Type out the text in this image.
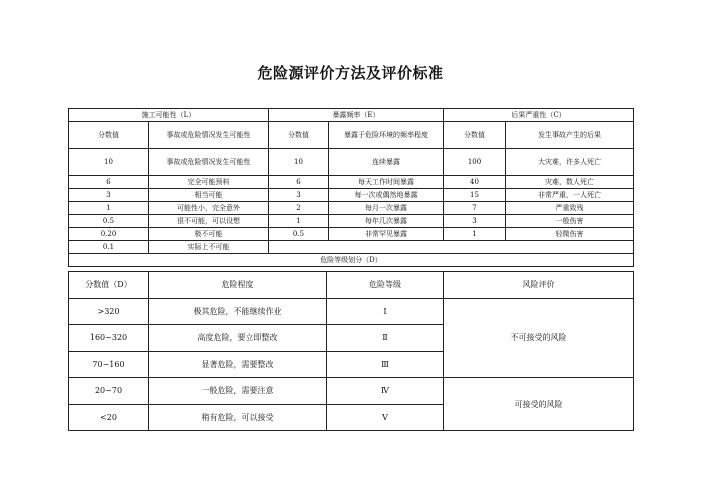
危险源评价方法及评价标准
施工可能性（L）		暴露频率（E）		后果严重性（C）	
分数值	事故或危险情况发生可能性	分数值	暴露于危险环境的频率程度	分数值	发生事故产生的后果
10	事故或危险情况发生可能性	10	连续暴露	100	大灾难，许多人死亡
6	完全可能预料	6	每天工作时间暴露	40	灾难，数人死亡
3	相当可能	3	每一次或偶然地暴露	15	非常严重，一人死亡
1	可能性小，完全意外	2	每月一次暴露	7	严重致残
0.5	很不可能，可以设想	1	每年几次暴露	3	一般伤害
0.20	极不可能	0.5	非常罕见暴露	1	轻微伤害
0.1	实际上不可能				
危险等级划分（D）					
分数值（D）	危险程度	危险等级	风险评价
>320	极其危险，不能继续作业	Ⅰ	不可接受的风险
160~320	高度危险，要立即整改	Ⅱ	
70~160	显著危险，需要整改	Ⅲ	
20~70	一般危险，需要注意	Ⅳ	可接受的风险
<20	稍有危险，可以接受	Ⅴ	
